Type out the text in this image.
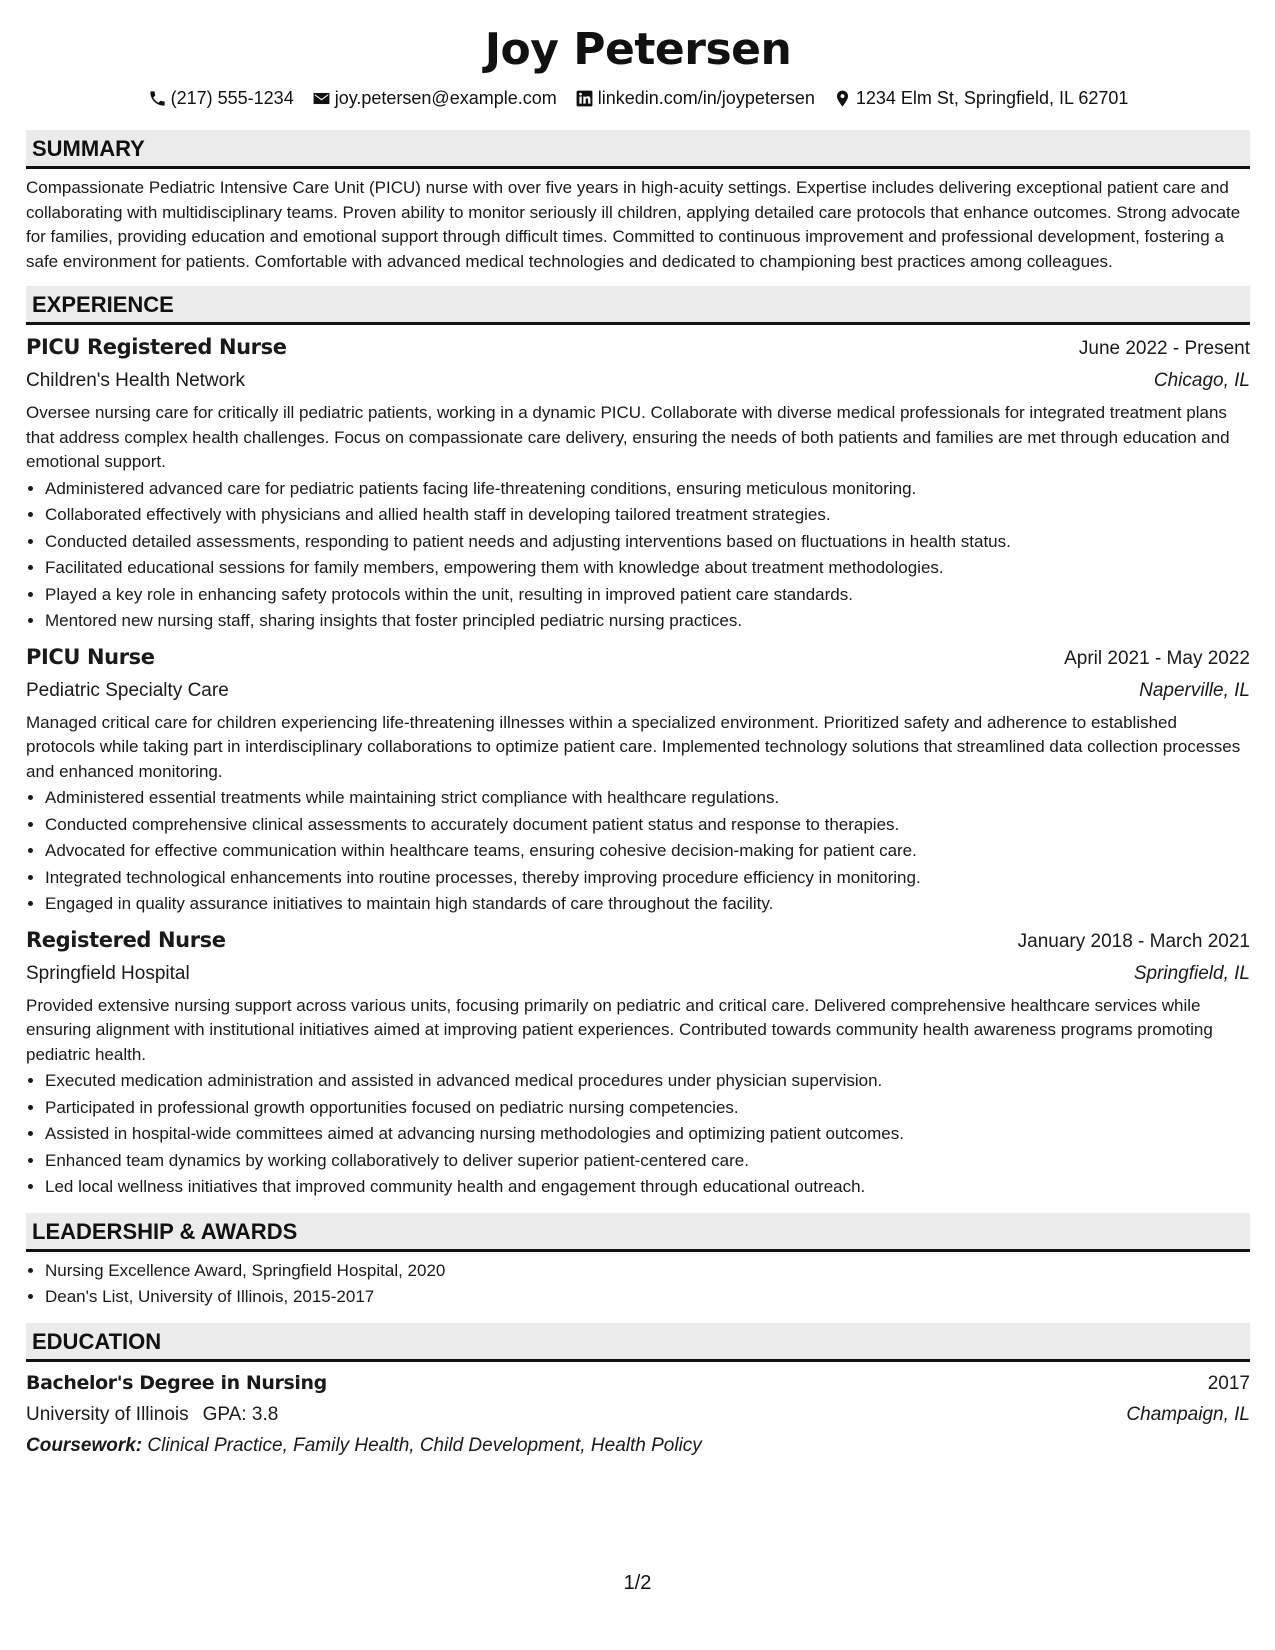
Joy Petersen
(217) 555-1234 joy.petersen@example.com linkedin.com/in/joypetersen 1234 Elm St, Springfield, IL 62701
SUMMARY

Compassionate Pediatric Intensive Care Unit (PICU) nurse with over five years in high-acuity settings. Expertise includes delivering exceptional patient care and collaborating with multidisciplinary teams. Proven ability to monitor seriously ill children, applying detailed care protocols that enhance outcomes. Strong advocate for families, providing education and emotional support through difficult times. Committed to continuous improvement and professional development, fostering a safe environment for patients. Comfortable with advanced medical technologies and dedicated to championing best practices among colleagues.

EXPERIENCE
PICU Registered Nurse	June 2022 - Present
Children's Health Network	Chicago, IL
Oversee nursing care for critically ill pediatric patients, working in a dynamic PICU. Collaborate with diverse medical professionals for integrated treatment plans that address complex health challenges. Focus on compassionate care delivery, ensuring the needs of both patients and families are met through education and emotional support.
• Administered advanced care for pediatric patients facing life-threatening conditions, ensuring meticulous monitoring.
• Collaborated effectively with physicians and allied health staff in developing tailored treatment strategies.
• Conducted detailed assessments, responding to patient needs and adjusting interventions based on fluctuations in health status.
• Facilitated educational sessions for family members, empowering them with knowledge about treatment methodologies.
• Played a key role in enhancing safety protocols within the unit, resulting in improved patient care standards.
• Mentored new nursing staff, sharing insights that foster principled pediatric nursing practices.
PICU Nurse	April 2021 - May 2022
Pediatric Specialty Care	Naperville, IL
Managed critical care for children experiencing life-threatening illnesses within a specialized environment. Prioritized safety and adherence to established protocols while taking part in interdisciplinary collaborations to optimize patient care. Implemented technology solutions that streamlined data collection processes and enhanced monitoring.
• Administered essential treatments while maintaining strict compliance with healthcare regulations.
• Conducted comprehensive clinical assessments to accurately document patient status and response to therapies.
• Advocated for effective communication within healthcare teams, ensuring cohesive decision-making for patient care.
• Integrated technological enhancements into routine processes, thereby improving procedure efficiency in monitoring.
• Engaged in quality assurance initiatives to maintain high standards of care throughout the facility.
Registered Nurse	January 2018 - March 2021
Springfield Hospital	Springfield, IL
Provided extensive nursing support across various units, focusing primarily on pediatric and critical care. Delivered comprehensive healthcare services while ensuring alignment with institutional initiatives aimed at improving patient experiences. Contributed towards community health awareness programs promoting pediatric health.
• Executed medication administration and assisted in advanced medical procedures under physician supervision.
• Participated in professional growth opportunities focused on pediatric nursing competencies.
• Assisted in hospital-wide committees aimed at advancing nursing methodologies and optimizing patient outcomes.
• Enhanced team dynamics by working collaboratively to deliver superior patient-centered care.
• Led local wellness initiatives that improved community health and engagement through educational outreach.
LEADERSHIP & AWARDS
• Nursing Excellence Award, Springfield Hospital, 2020
• Dean's List, University of Illinois, 2015-2017
EDUCATION
Bachelor's Degree in Nursing	2017
University of Illinois GPA: 3.8	Champaign, IL
Coursework: Clinical Practice, Family Health, Child Development, Health Policy
1/2
